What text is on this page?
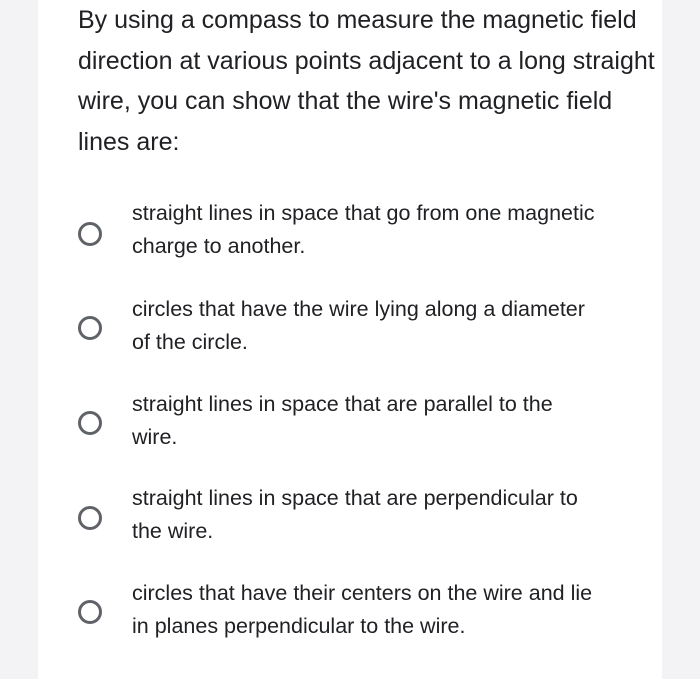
By using a compass to measure the magnetic field direction at various points adjacent to a long straight wire, you can show that the wire's magnetic field lines are:

straight lines in space that go from one magnetic charge to another.
circles that have the wire lying along a diameter of the circle.
straight lines in space that are parallel to the wire.
straight lines in space that are perpendicular to the wire.
circles that have their centers on the wire and lie in planes perpendicular to the wire.
